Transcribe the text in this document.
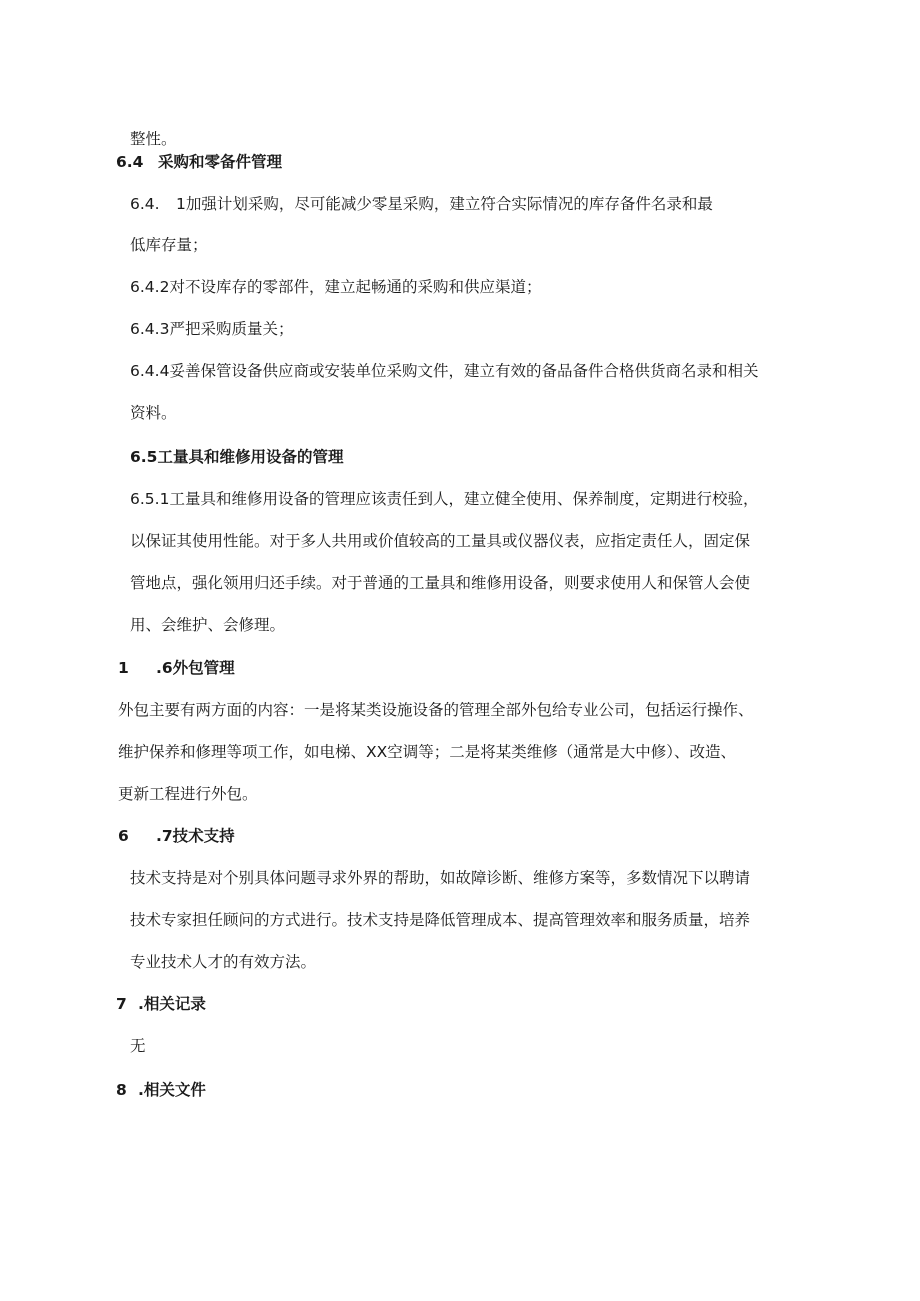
整性。
6.4 采购和零备件管理
6.4. 1加强计划采购，尽可能减少零星采购，建立符合实际情况的库存备件名录和最
低库存量；
6.4.2对不设库存的零部件，建立起畅通的采购和供应渠道；
6.4.3严把采购质量关；
6.4.4妥善保管设备供应商或安装单位采购文件，建立有效的备品备件合格供货商名录和相关
资料。
6.5工量具和维修用设备的管理
6.5.1工量具和维修用设备的管理应该责任到人，建立健全使用、保养制度，定期进行校验，
以保证其使用性能。对于多人共用或价值较高的工量具或仪器仪表，应指定责任人，固定保
管地点，强化领用归还手续。对于普通的工量具和维修用设备，则要求使用人和保管人会使
用、会维护、会修理。
1 .6外包管理
外包主要有两方面的内容：一是将某类设施设备的管理全部外包给专业公司，包括运行操作、
维护保养和修理等项工作，如电梯、XX空调等；二是将某类维修（通常是大中修）、改造、
更新工程进行外包。
6 .7技术支持
技术支持是对个别具体问题寻求外界的帮助，如故障诊断、维修方案等，多数情况下以聘请
技术专家担任顾问的方式进行。技术支持是降低管理成本、提高管理效率和服务质量，培养
专业技术人才的有效方法。
7 .相关记录
无
8 .相关文件
